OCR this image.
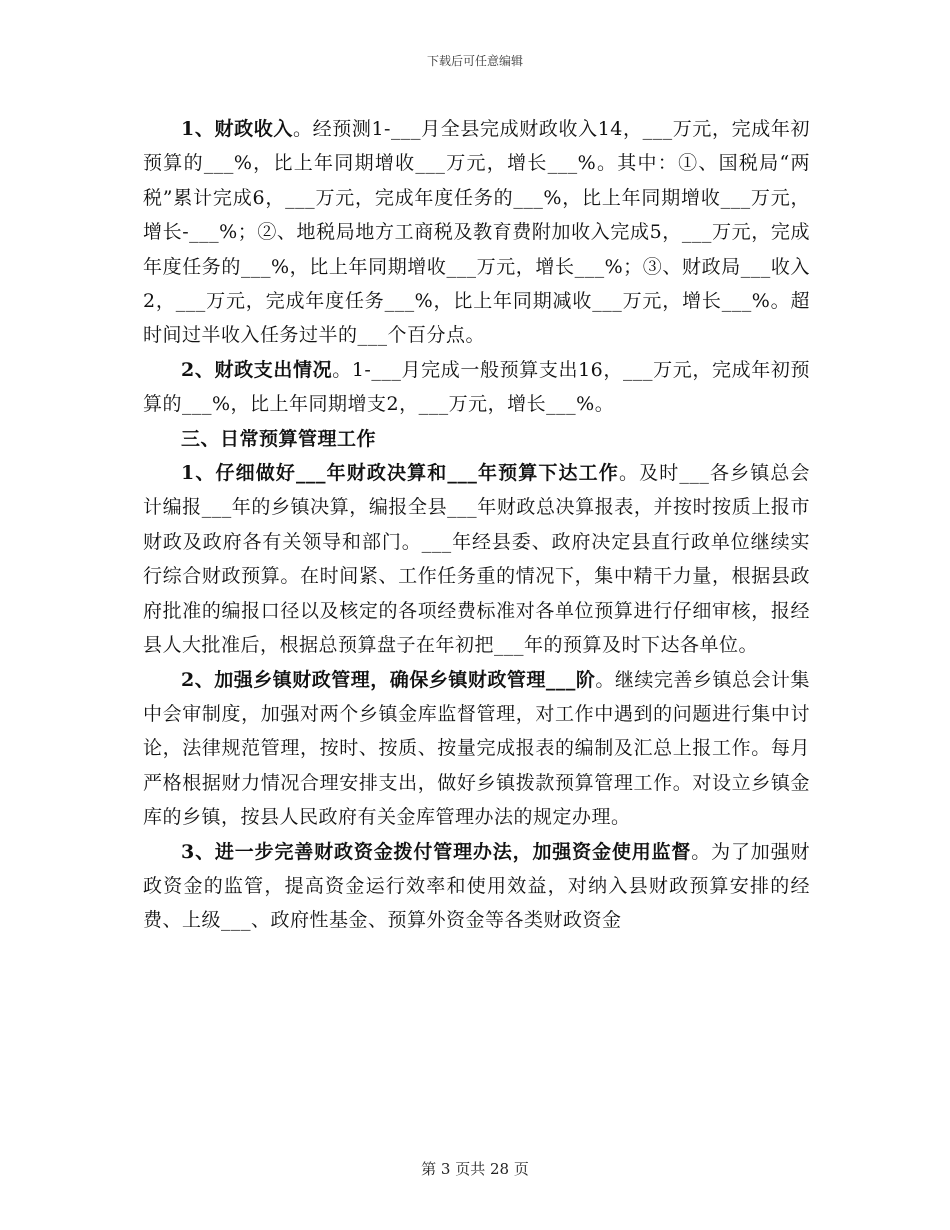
下载后可任意编辑

1、财政收入。经预测1-___月全县完成财政收入14，___万元，完成年初预算的___%，比上年同期增收___万元，增长___%。其中：①、国税局“两税”累计完成6，___万元，完成年度任务的___%，比上年同期增收___万元，增长-___%；②、地税局地方工商税及教育费附加收入完成5，___万元，完成年度任务的___%，比上年同期增收___万元，增长___%；③、财政局___收入2，___万元，完成年度任务___%，比上年同期减收___万元，增长___%。超时间过半收入任务过半的___个百分点。

2、财政支出情况。1-___月完成一般预算支出16，___万元，完成年初预算的___%，比上年同期增支2，___万元，增长___%。

三、日常预算管理工作

1、仔细做好___年财政决算和___年预算下达工作。及时___各乡镇总会计编报___年的乡镇决算，编报全县___年财政总决算报表，并按时按质上报市财政及政府各有关领导和部门。___年经县委、政府决定县直行政单位继续实行综合财政预算。在时间紧、工作任务重的情况下，集中精干力量，根据县政府批准的编报口径以及核定的各项经费标准对各单位预算进行仔细审核，报经县人大批准后，根据总预算盘子在年初把___年的预算及时下达各单位。

2、加强乡镇财政管理，确保乡镇财政管理___阶。继续完善乡镇总会计集中会审制度，加强对两个乡镇金库监督管理，对工作中遇到的问题进行集中讨论，法律规范管理，按时、按质、按量完成报表的编制及汇总上报工作。每月严格根据财力情况合理安排支出，做好乡镇拨款预算管理工作。对设立乡镇金库的乡镇，按县人民政府有关金库管理办法的规定办理。

3、进一步完善财政资金拨付管理办法，加强资金使用监督。为了加强财政资金的监管，提高资金运行效率和使用效益，对纳入县财政预算安排的经费、上级___、政府性基金、预算外资金等各类财政资金

第 3 页共 28 页
